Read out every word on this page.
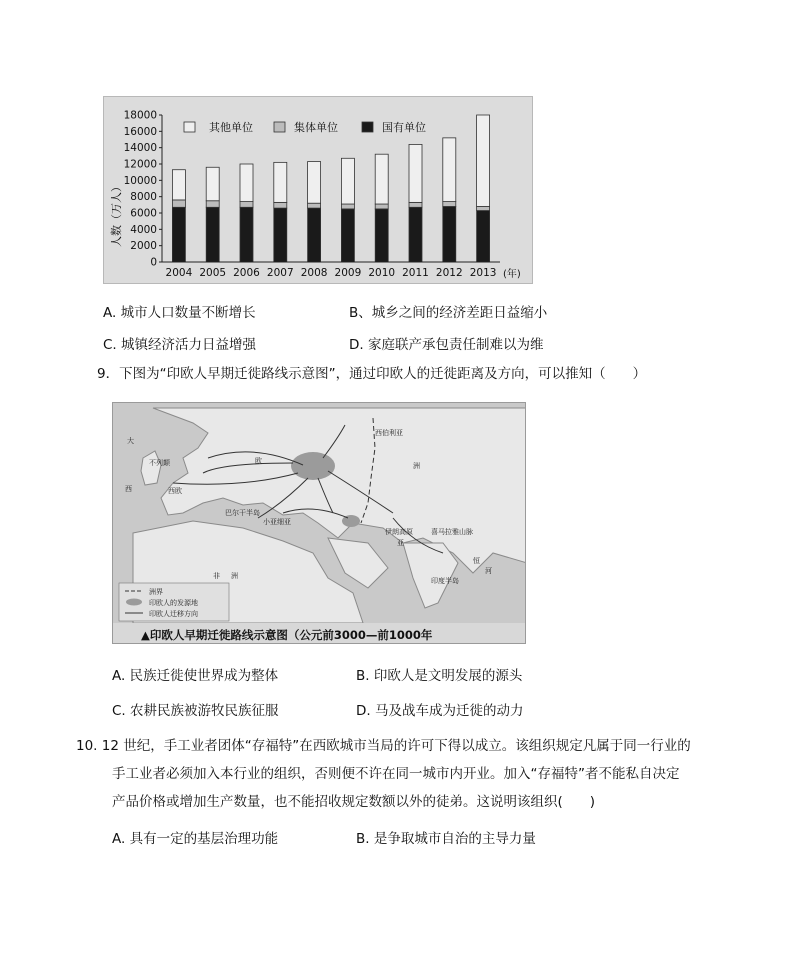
0
2000
4000
6000
8000
10000
12000
14000
16000
18000
2004 2005 2006 2007 2008 2009 2010 2011 2012 2013
其他单位	集体单位	国有单位
人数（万人）
(年)
A. 城市人口数量不断增长	B、城乡之间的经济差距日益缩小
C. 城镇经济活力日益增强	D. 家庭联产承包责任制难以为维
9．下图为“印欧人早期迁徙路线示意图”，通过印欧人的迁徙距离及方向，可以推知（　　）
大
不列颠
西	西欧
欧
巴尔干半岛
小亚细亚
伊朗高原
亚
喜马拉雅山脉
恒
河
印度半岛
非 洲
西伯利亚
洲
洲界
印欧人的发源地
印欧人迁移方向
▲印欧人早期迁徙路线示意图（公元前3000—前1000年
A. 民族迁徙使世界成为整体	B. 印欧人是文明发展的源头
C. 农耕民族被游牧民族征服	D. 马及战车成为迁徙的动力
10. 12 世纪，手工业者团体“存福特”在西欧城市当局的许可下得以成立。该组织规定凡属于同一行业的
手工业者必须加入本行业的组织，否则便不许在同一城市内开业。加入“存福特”者不能私自决定
产品价格或增加生产数量，也不能招收规定数额以外的徒弟。这说明该组织(　　)
A. 具有一定的基层治理功能	B. 是争取城市自治的主导力量
